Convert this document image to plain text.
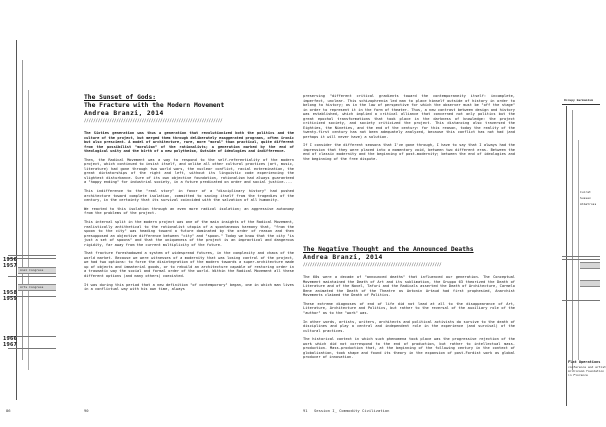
Anal Congress
Arts Congress
1956
1957
1958
1959
1966
1967
Occupy Gurmanism
Cuirat
Sussex
Albatross
Flat Operations
conference and artist
Archizoom foundation
in Florence
The Sunset of Gods:
The Fracture with the Modern Movement
Andrea Branzi, 2014
////////////////////////////////////////////////////////////

The Sixties generation was thus a generation that revolutionized both the politics and the culture of the project, but merged them through deliberately exaggerated programs, often ironic but also prescient. A model of architecture, rare, more "moral" than practical, quite different from the possibilist "moralism" of the rationalists; a generation marked by the end of theological unity and the birth of a new polytheism, Outside of ideologies and indifference.

Then, the Radical Movement was a way to respond to the self-referentiality of the modern project, which continued to insist itself, and unlike all other cultural practices (art, music, literature) had gone through two world wars, the nuclear conflict, racial extermination, the great dictatorships of the right and left, without its linguistic code experiencing the slightest disturbance. Sure of its own objective foundation, rationalism had always guaranteed a "happy ending" for industrial society, in a future predicated on order and social justice....

This indifference to the "real story" in favor of a "disciplinary history" had pushed architecture toward complete isolation, committed to saving itself from the tragedies of the century, in the certainty that its survival coincided with the salvation of all humanity.

We reacted to this isolation through an even more radical isolation; an aggressive autonomy from the problems of the project.

This internal split in the modern project was one of the main insights of the Radical Movement, realistically antithetical to the rationalist utopia of a spontaneous harmony that, "from the spoon to the city" was heading toward a future dominated by the order of reason and then presupposed an objective difference between "city" and "spoon." Today we know that the city "is just a set of spoons" and that the uniqueness of the project is an impractical and dangerous rigidity, far away from the current multiplicity of the future.

That fracture foreshadowed a system of widespread futures, in the complexity and chaos of the world market. Because we were witnesses of a modernity that was losing control of the project, we had two options: to force the disintegration of the modern towards a super-architecture made up of objects and immaterial goods, or to rebuild an architecture capable of restoring order in a traumatic way the social and formal order of the world. Within the Radical Movement all these different options (and many others) coexisted.

It was during this period that a new definition "of contemporary" began, one in which man lives in a conflictual way with his own time, always

preserving "different critical gradients toward the contemporaneity itself: incomplete, imperfect, unclear. This schizophrenia led man to place himself outside of history in order to belong to history; as in the law of perspective for which the observer must be "off the stage" in order to represent it in the form of theater. Thus, a new contrast between design and history was established, which implied a critical alliance that concerned not only politics but the great epochal transformations that took place in the darkness of knowledge: the project criticized society, and society criticized the project. This distancing also traversed the Eighties, the Nineties, and the end of the century: for this reason, today the reality of the twenty-first century has not been adequately analyzed, because this conflict has not had (and perhaps it will never have) a solution.

If I consider the different seasons that I've gone through, I have to say that I always had the impression that they were placed into a momentary void, between two different eras. Between the end of classic modernity and the beginning of post-modernity; between the end of ideologies and the beginning of the free dispute.

The Negative Thought and the Announced Deaths
Andrea Branzi, 2014
////////////////////////////////////////////////////////////

The 60s were a decade of "announced deaths" that influenced our generation. The Conceptual Movement maintained the Death of Art and its sublimation, the Gruppo 63 theorized the Death of Literature and of the Novel, Tafuri and the Radicals asserted the Death of Architecture, Carmelo Bene animated the Death of the Theatre as Antonin Artaud had first prophesied, Anarchist Movements claimed the Death of Politics.

These extreme diagnoses of end of life did not lead at all to the disappearance of Art, Literature, Architecture and Politics, but rather to the reversal of the auxiliary role of the "author" as to the "work" was.

In other words, artists, writers, architects and political activists do survive to the death of disciplines and play a central and independent role in the experience (and survival) of the cultural practices.

The historical context in which such phenomena took place was the progressive rejection of the work which did not correspond to the end of production, but rather to intellectual mass-production. Mass-production that, at the beginning of the following century in the context of globalization, took shape and found its theory in the expansion of post-Fordist work as global producer of innovation.

86	90	91 Session I_ Commodity Civilization
